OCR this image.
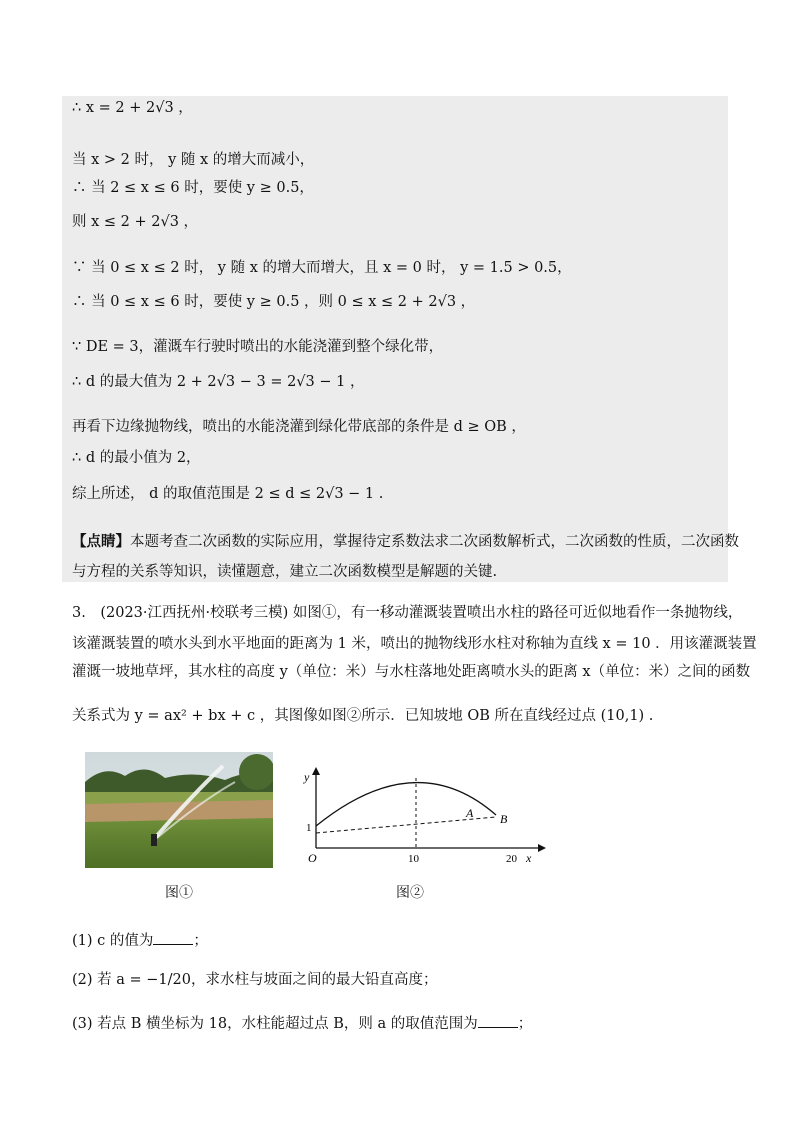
∴ x = 2 + 2√3 ，
当 x > 2 时， y 随 x 的增大而减小，
∴ 当 2 ≤ x ≤ 6 时，要使 y ≥ 0.5，
则 x ≤ 2 + 2√3 ，
∵ 当 0 ≤ x ≤ 2 时， y 随 x 的增大而增大，且 x = 0 时， y = 1.5 > 0.5，
∴ 当 0 ≤ x ≤ 6 时，要使 y ≥ 0.5 ，则 0 ≤ x ≤ 2 + 2√3 ，
∵ DE = 3，灌溉车行驶时喷出的水能浇灌到整个绿化带，
∴ d 的最大值为 2 + 2√3 − 3 = 2√3 − 1 ，
再看下边缘抛物线，喷出的水能浇灌到绿化带底部的条件是 d ≥ OB ，
∴ d 的最小值为 2，
综上所述， d 的取值范围是 2 ≤ d ≤ 2√3 − 1 .
【点睛】本题考查二次函数的实际应用，掌握待定系数法求二次函数解析式，二次函数的性质，二次函数
与方程的关系等知识，读懂题意，建立二次函数模型是解题的关键.
3.　(2023·江西抚州·校联考三模) 如图①，有一移动灌溉装置喷出水柱的路径可近似地看作一条抛物线，
该灌溉装置的喷水头到水平地面的距离为 1 米，喷出的抛物线形水柱对称轴为直线 x = 10 ．用该灌溉装置
灌溉一坡地草坪，其水柱的高度 y（单位：米）与水柱落地处距离喷水头的距离 x（单位：米）之间的函数
关系式为 y = ax² + bx + c ，其图像如图②所示．已知坡地 OB 所在直线经过点 (10,1) .
图①
y
1
O	10	20 x
A B
图②
(1) c 的值为	；
(2) 若 a = −1/20，求水柱与坡面之间的最大铅直高度；
(3) 若点 B 横坐标为 18，水柱能超过点 B，则 a 的取值范围为	；
